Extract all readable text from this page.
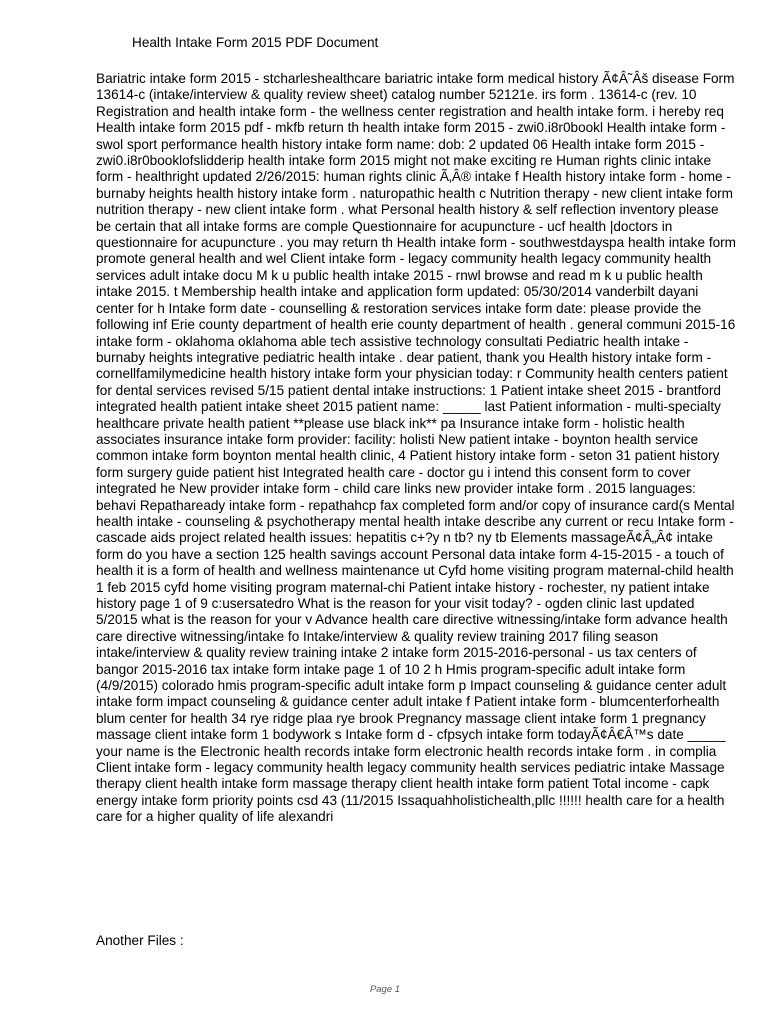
Health Intake Form 2015 PDF Document
Bariatric intake form 2015 - stcharleshealthcare bariatric intake form medical history Ã¢Â˜Âš disease Form 13614-c (intake/interview & quality review sheet) catalog number 52121e. irs form . 13614-c (rev. 10 Registration and health intake form - the wellness center registration and health intake form. i hereby req Health intake form 2015 pdf - mkfb return th health intake form 2015 - zwi0.i8r0bookl Health intake form - swol sport performance health history intake form name: dob: 2 updated 06 Health intake form 2015 - zwi0.i8r0booklofslidderip health intake form 2015 might not make exciting re Human rights clinic intake form - healthright updated 2/26/2015: human rights clinic Ã‚Â® intake f Health history intake form - home - burnaby heights health history intake form . naturopathic health c Nutrition therapy - new client intake form nutrition therapy - new client intake form . what Personal health history & self reflection inventory please be certain that all intake forms are comple Questionnaire for acupuncture - ucf health |doctors in questionnaire for acupuncture . you may return th Health intake form - southwestdayspa health intake form promote general health and wel Client intake form - legacy community health legacy community health services adult intake docu M k u public health intake 2015 - rnwl browse and read m k u public health intake 2015. t Membership health intake and application form updated: 05/30/2014 vanderbilt dayani center for h Intake form date - counselling & restoration services intake form date: please provide the following inf Erie county department of health erie county department of health . general communi 2015-16 intake form - oklahoma oklahoma able tech assistive technology consultati Pediatric health intake - burnaby heights integrative pediatric health intake . dear patient, thank you Health history intake form - cornellfamilymedicine health history intake form your physician today: r Community health centers patient for dental services revised 5/15 patient dental intake instructions: 1 Patient intake sheet 2015 - brantford integrated health patient intake sheet 2015 patient name: _____ last Patient information - multi-specialty healthcare private health patient **please use black ink** pa Insurance intake form - holistic health associates insurance intake form provider: facility: holisti New patient intake - boynton health service common intake form boynton mental health clinic, 4 Patient history intake form - seton 31 patient history form surgery guide patient hist Integrated health care - doctor gu i intend this consent form to cover integrated he New provider intake form - child care links new provider intake form . 2015 languages: behavi Repathaready intake form - repathahcp fax completed form and/or copy of insurance card(s Mental health intake - counseling & psychotherapy mental health intake describe any current or recu Intake form - cascade aids project related health issues: hepatitis c+?y n tb? ny tb Elements massageÃ¢Â„Â¢ intake form do you have a section 125 health savings account Personal data intake form 4-15-2015 - a touch of health it is a form of health and wellness maintenance ut Cyfd home visiting program maternal-child health 1 feb 2015 cyfd home visiting program maternal-chi Patient intake history - rochester, ny patient intake history page 1 of 9 c:usersatedro What is the reason for your visit today? - ogden clinic last updated 5/2015 what is the reason for your v Advance health care directive witnessing/intake form advance health care directive witnessing/intake fo Intake/interview & quality review training 2017 filing season intake/interview & quality review training intake 2 intake form 2015-2016-personal - us tax centers of bangor 2015-2016 tax intake form intake page 1 of 10 2 h Hmis program-specific adult intake form (4/9/2015) colorado hmis program-specific adult intake form p Impact counseling & guidance center adult intake form impact counseling & guidance center adult intake f Patient intake form - blumcenterforhealth blum center for health 34 rye ridge plaa rye brook Pregnancy massage client intake form 1 pregnancy massage client intake form 1 bodywork s Intake form d - cfpsych intake form todayÃ¢Â€Â™s date _____ your name is the Electronic health records intake form electronic health records intake form . in complia Client intake form - legacy community health legacy community health services pediatric intake Massage therapy client health intake form massage therapy client health intake form patient Total income - capk energy intake form priority points csd 43 (11/2015 Issaquahholistichealth,pllc !!!!!! health care for a health care for a higher quality of life alexandri
Another Files :
Page 1
